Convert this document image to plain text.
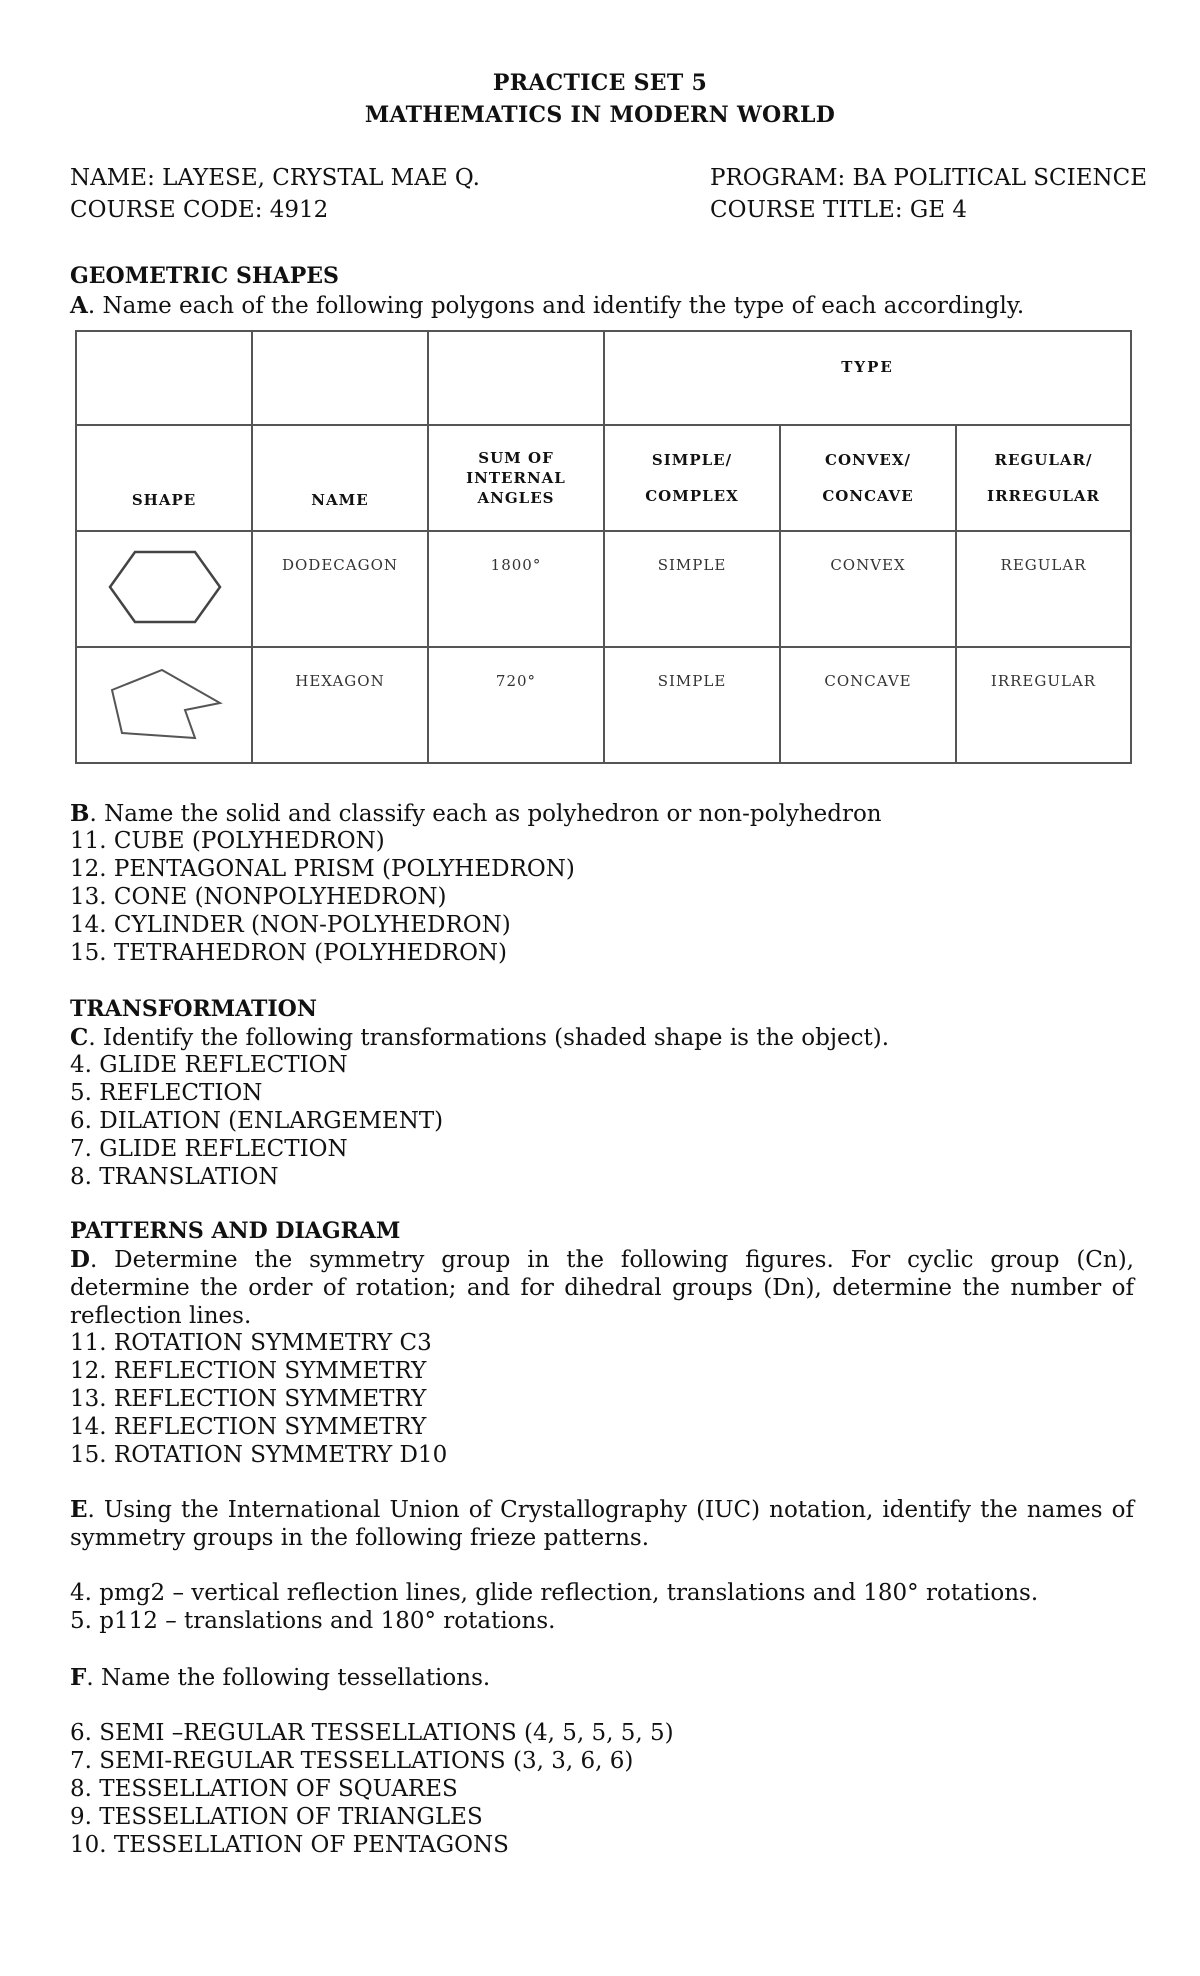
PRACTICE SET 5
MATHEMATICS IN MODERN WORLD
NAME: LAYESE, CRYSTAL MAE Q.
COURSE CODE: 4912
PROGRAM: BA POLITICAL SCIENCE
COURSE TITLE: GE 4
GEOMETRIC SHAPES
A. Name each of the following polygons and identify the type of each accordingly.
			TYPE		
SHAPE	NAME	SUM OF INTERNAL ANGLES	SIMPLE/ COMPLEX	CONVEX/ CONCAVE	REGULAR/ IRREGULAR
	DODECAGON	1800°	SIMPLE	CONVEX	REGULAR
	HEXAGON	720°	SIMPLE	CONCAVE	IRREGULAR
B. Name the solid and classify each as polyhedron or non-polyhedron
11. CUBE (POLYHEDRON)
12. PENTAGONAL PRISM (POLYHEDRON)
13. CONE (NONPOLYHEDRON)
14. CYLINDER (NON-POLYHEDRON)
15. TETRAHEDRON (POLYHEDRON)
TRANSFORMATION
C. Identify the following transformations (shaded shape is the object).
4. GLIDE REFLECTION
5. REFLECTION
6. DILATION (ENLARGEMENT)
7. GLIDE REFLECTION
8. TRANSLATION
PATTERNS AND DIAGRAM
D. Determine the symmetry group in the following figures. For cyclic group (Cn), determine the order of rotation; and for dihedral groups (Dn), determine the number of reflection lines.
11. ROTATION SYMMETRY C3
12. REFLECTION SYMMETRY
13. REFLECTION SYMMETRY
14. REFLECTION SYMMETRY
15. ROTATION SYMMETRY D10
E. Using the International Union of Crystallography (IUC) notation, identify the names of symmetry groups in the following frieze patterns.
4. pmg2 – vertical reflection lines, glide reflection, translations and 180° rotations.
5. p112 – translations and 180° rotations.
F. Name the following tessellations.
6. SEMI –REGULAR TESSELLATIONS (4, 5, 5, 5, 5)
7. SEMI-REGULAR TESSELLATIONS (3, 3, 6, 6)
8. TESSELLATION OF SQUARES
9. TESSELLATION OF TRIANGLES
10. TESSELLATION OF PENTAGONS
